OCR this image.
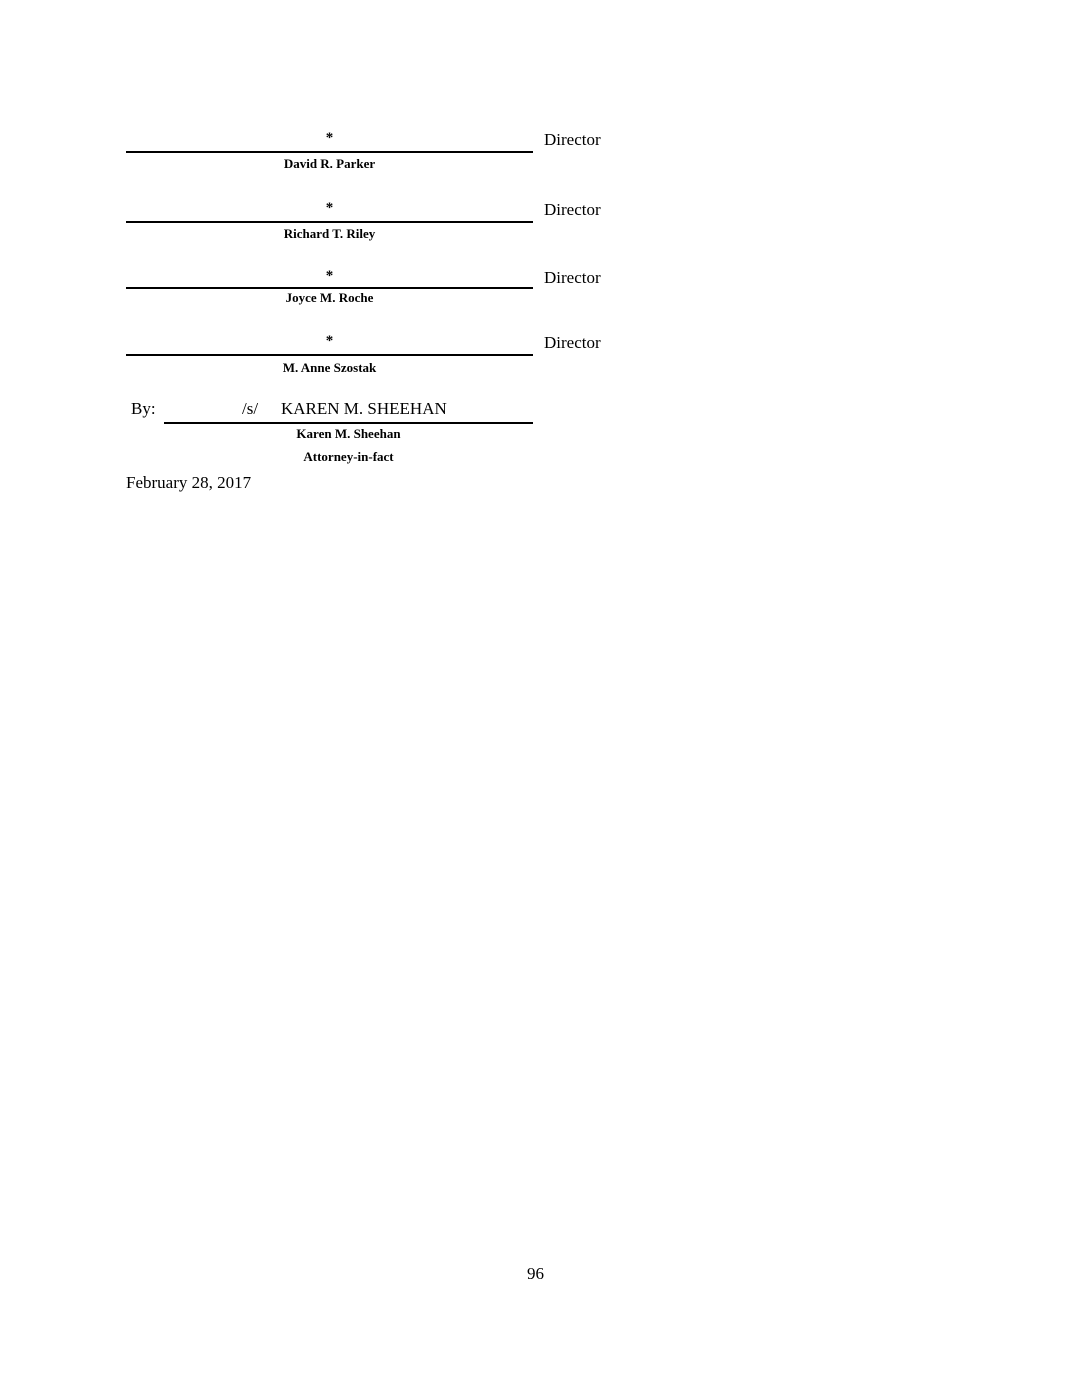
*
David R. Parker
Director
*
Richard T. Riley
Director
*
Joyce M. Roche
Director
*
M. Anne Szostak
Director
By:	/s/ KAREN M. SHEEHAN
Karen M. Sheehan
Attorney-in-fact
February 28, 2017
96
